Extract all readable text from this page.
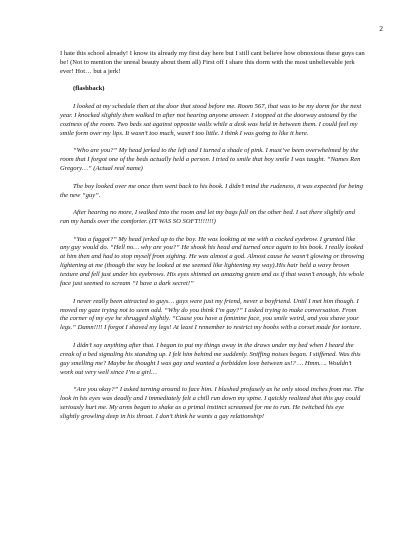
2

I hate this school already! I know its already my first day here but I still cant believe how obnoxious these guys can be! (Not to mention the unreal beauty about them all) First off I share this dorm with the most unbelievable jerk ever! Hot… but a jerk!

(flashback)

I looked at my schedule then at the door that stood before me. Room 567, that was to be my dorm for the next year. I knocked slightly then walked in after not hearing anyone answer. I stopped at the doorway astound by the coziness of the room. Two beds sat against opposite walls while a desk was held in between them. I could feel my smile form over my lips. It wasn’t too much, wasn’t too little. I think I was going to like it here.

“Who are you?” My head jerked to the left and I turned a shade of pink. I must’ve been overwhelmed by the room that I forgot one of the beds actually held a person. I tried to smile that boy smile I was taught. “Names Ren Gregory…” (Actual real name)

The boy looked over me once then went back to his book. I didn’t mind the rudeness, it was expected for being the new “guy”.

After hearing no more, I walked into the room and let my bags fall on the other bed. I sat there slightly and ran my hands over the comforter. (IT WAS SO SOFT!!!!!!!)

“You a faggot?” My head jerked up to the boy. He was looking at me with a cocked eyebrow. I grunted like any guy would do. “Hell no… why are you?” He shook his head and turned once again to his book. I really looked at him then and had to stop myself from sighing. He was almost a god. Almost cause he wasn’t glowing or throwing lightening at me (though the way he looked at me seemed like lightening my way).His hair held a wavy brown texture and fell just under his eyebrows. His eyes shinned an amazing green and as if that wasn’t enough, his whole face just seemed to scream “I have a dark secret!”

I never really been attracted to guys… guys were just my friend, never a boyfriend. Until I met him though. I moved my gaze trying not to seem odd. “Why do you think I’m gay?” I asked trying to make conversation. From the corner of my eye he shrugged slightly. “Cause you have a feminine face, you smile weird, and you shave your legs.” Damn!!!! I forgot I shaved my legs! At least I remember to restrict my boobs with a corset made for torture.

I didn’t say anything after that. I began to put my things away in the draws under my bed when I heard the creak of a bed signaling his standing up. I felt him behind me suddenly. Sniffing noises began. I stiffened. Was this guy smelling me? Maybe he thought I was gay and wanted a forbidden love between us!? … Hmm…. Wouldn’t work out very well since I’m a girl…

“Are you okay?” I asked turning around to face him. I blushed profusely as he only stood inches from me. The look in his eyes was deadly and I immediately felt a chill run down my spine. I quickly realized that this guy could seriously hurt me. My arms began to shake as a primal instinct screamed for me to run. He twitched his eye slightly growling deep in his throat. I don’t think he wants a gay relationship!
